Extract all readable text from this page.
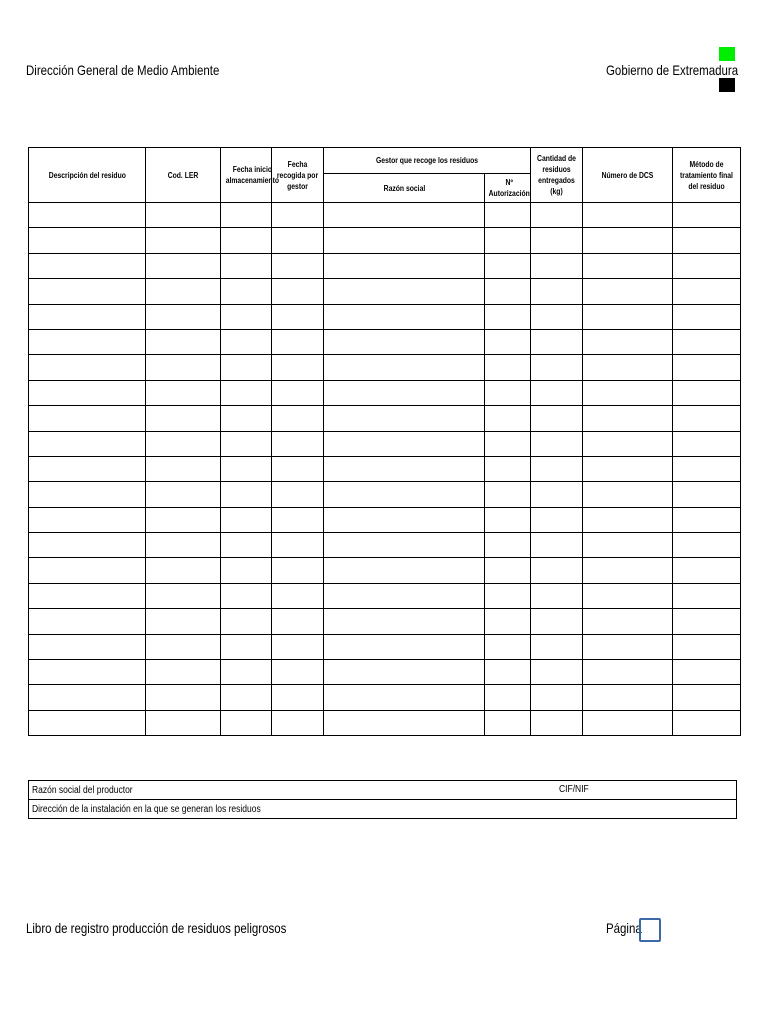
Dirección General de Medio Ambiente	Gobierno de Extremadura
Descripción del residuo	Cod. LER	Fecha inicio almacenamiento	Fecha recogida por gestor	Gestor que recoge los residuos		Cantidad de residuos entregados (kg)	Número de DCS	Método de tratamiento final del residuo
				Razón social	Nº Autorización			

Razón social del productor	CIF/NIF

Dirección de la instalación en la que se generan los residuos
Libro de registro producción de residuos peligrosos	Página
